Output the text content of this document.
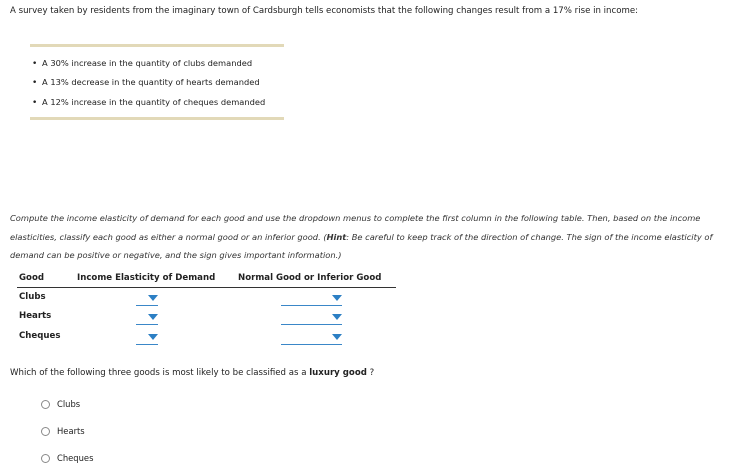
A survey taken by residents from the imaginary town of Cardsburgh tells economists that the following changes result from a 17% rise in income:
• A 30% increase in the quantity of clubs demanded
• A 13% decrease in the quantity of hearts demanded
• A 12% increase in the quantity of cheques demanded
Compute the income elasticity of demand for each good and use the dropdown menus to complete the first column in the following table. Then, based on the income elasticities, classify each good as either a normal good or an inferior good. (Hint: Be careful to keep track of the direction of change. The sign of the income elasticity of demand can be positive or negative, and the sign gives important information.)
Good	Income Elasticity of Demand	Normal Good or Inferior Good
Clubs
Hearts
Cheques
Which of the following three goods is most likely to be classified as a luxury good ?
Clubs
Hearts
Cheques
